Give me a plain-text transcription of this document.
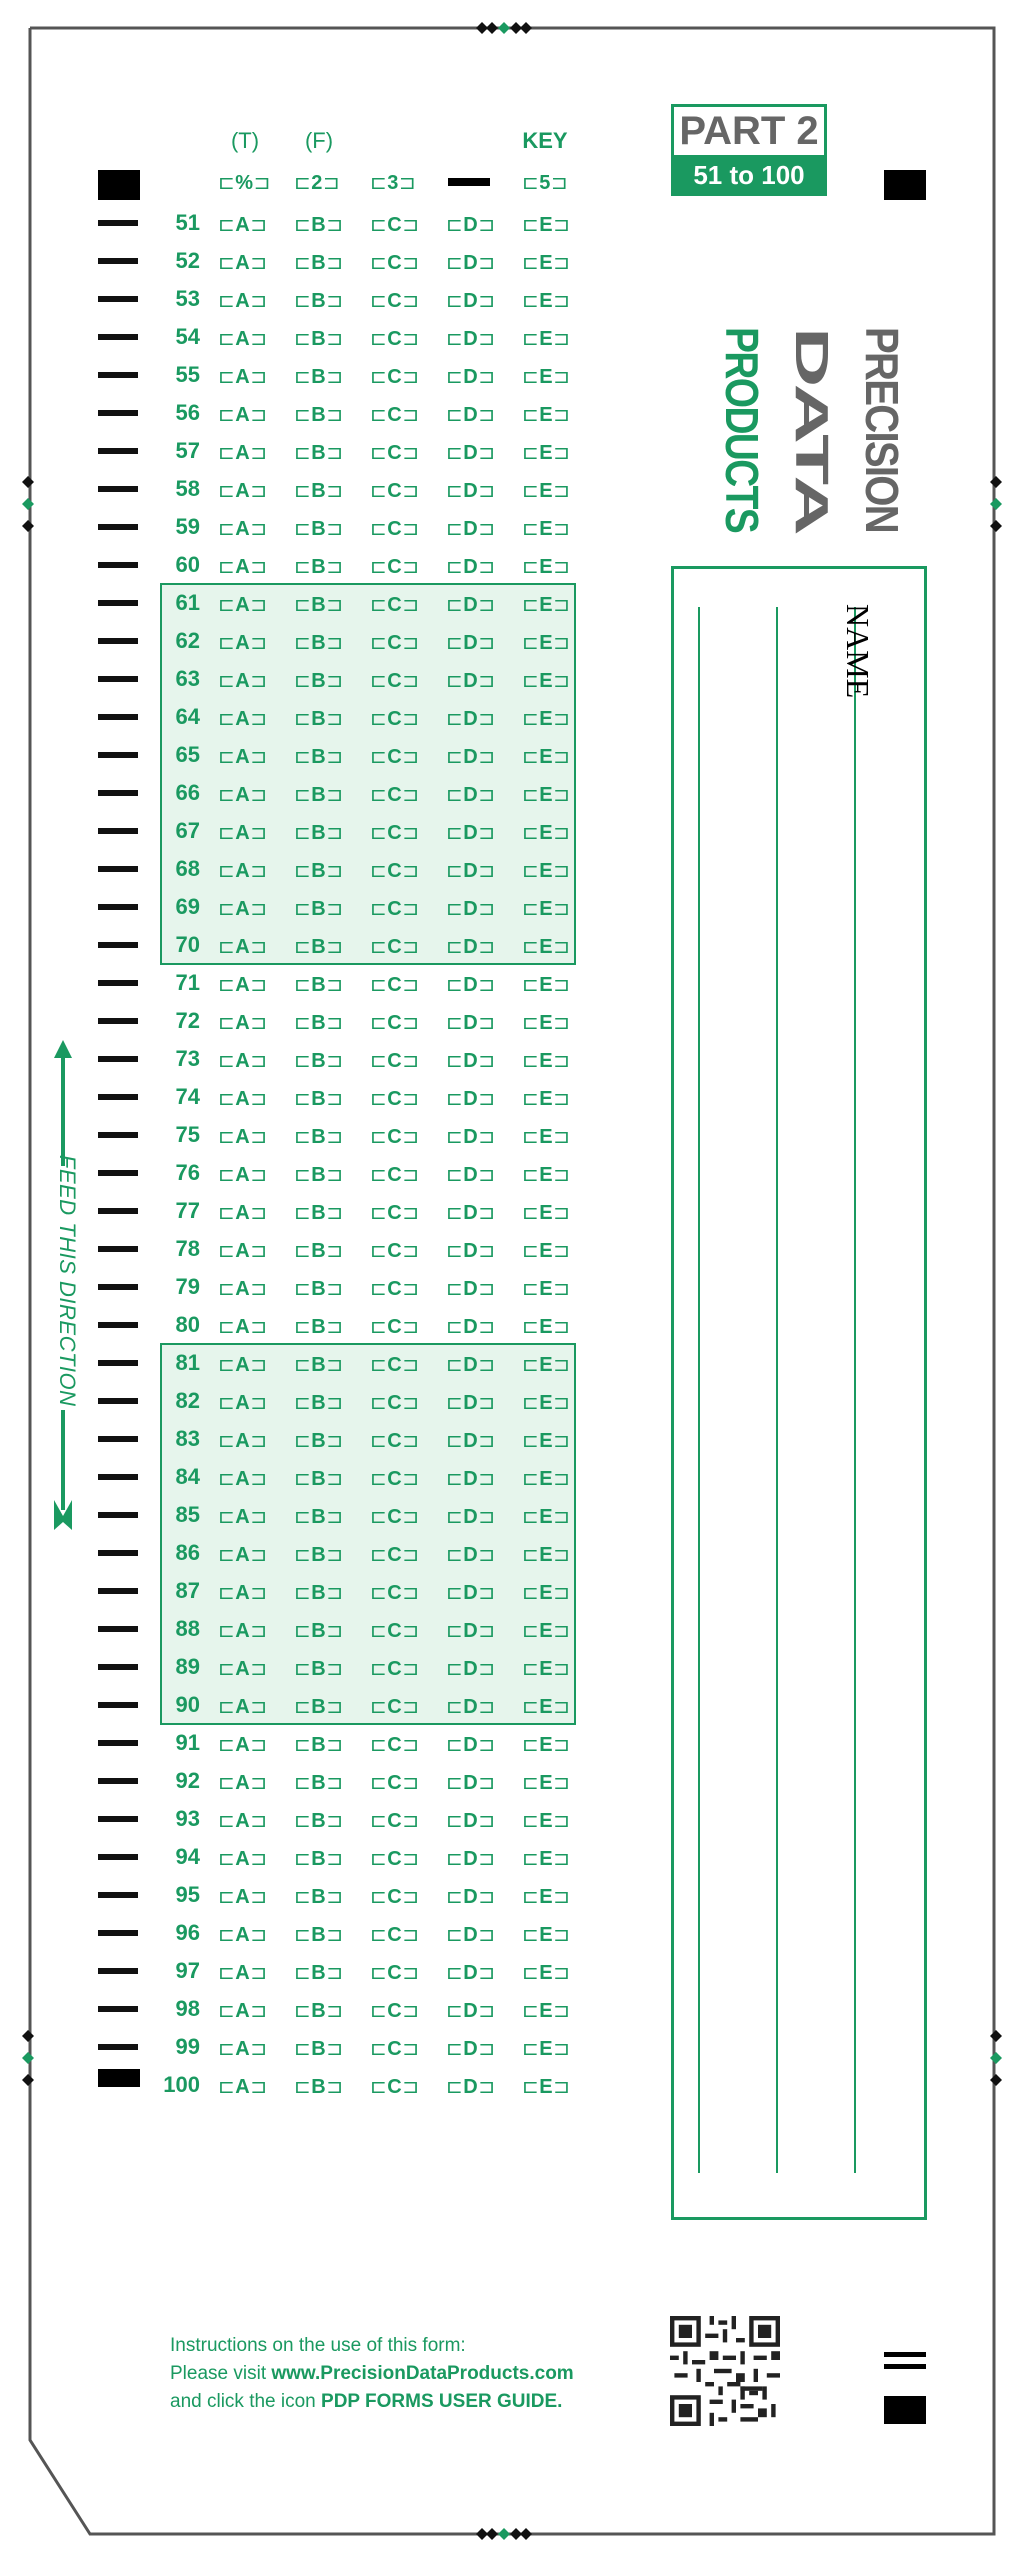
(T)	(F)	KEY
⊏%⊐ ⊏2⊐ ⊏3⊐	⊏5⊐
PART 2
51 to 100
PRECISION
DATA
PRODUCTS
NAME
FEED THIS DIRECTION
51 ⊏A⊐ ⊏B⊐ ⊏C⊐ ⊏D⊐ ⊏E⊐
52 ⊏A⊐ ⊏B⊐ ⊏C⊐ ⊏D⊐ ⊏E⊐
53 ⊏A⊐ ⊏B⊐ ⊏C⊐ ⊏D⊐ ⊏E⊐
54 ⊏A⊐ ⊏B⊐ ⊏C⊐ ⊏D⊐ ⊏E⊐
55 ⊏A⊐ ⊏B⊐ ⊏C⊐ ⊏D⊐ ⊏E⊐
56 ⊏A⊐ ⊏B⊐ ⊏C⊐ ⊏D⊐ ⊏E⊐
57 ⊏A⊐ ⊏B⊐ ⊏C⊐ ⊏D⊐ ⊏E⊐
58 ⊏A⊐ ⊏B⊐ ⊏C⊐ ⊏D⊐ ⊏E⊐
59 ⊏A⊐ ⊏B⊐ ⊏C⊐ ⊏D⊐ ⊏E⊐
60 ⊏A⊐ ⊏B⊐ ⊏C⊐ ⊏D⊐ ⊏E⊐
61 ⊏A⊐ ⊏B⊐ ⊏C⊐ ⊏D⊐ ⊏E⊐
62 ⊏A⊐ ⊏B⊐ ⊏C⊐ ⊏D⊐ ⊏E⊐
63 ⊏A⊐ ⊏B⊐ ⊏C⊐ ⊏D⊐ ⊏E⊐
64 ⊏A⊐ ⊏B⊐ ⊏C⊐ ⊏D⊐ ⊏E⊐
65 ⊏A⊐ ⊏B⊐ ⊏C⊐ ⊏D⊐ ⊏E⊐
66 ⊏A⊐ ⊏B⊐ ⊏C⊐ ⊏D⊐ ⊏E⊐
67 ⊏A⊐ ⊏B⊐ ⊏C⊐ ⊏D⊐ ⊏E⊐
68 ⊏A⊐ ⊏B⊐ ⊏C⊐ ⊏D⊐ ⊏E⊐
69 ⊏A⊐ ⊏B⊐ ⊏C⊐ ⊏D⊐ ⊏E⊐
70 ⊏A⊐ ⊏B⊐ ⊏C⊐ ⊏D⊐ ⊏E⊐
71 ⊏A⊐ ⊏B⊐ ⊏C⊐ ⊏D⊐ ⊏E⊐
72 ⊏A⊐ ⊏B⊐ ⊏C⊐ ⊏D⊐ ⊏E⊐
73 ⊏A⊐ ⊏B⊐ ⊏C⊐ ⊏D⊐ ⊏E⊐
74 ⊏A⊐ ⊏B⊐ ⊏C⊐ ⊏D⊐ ⊏E⊐
75 ⊏A⊐ ⊏B⊐ ⊏C⊐ ⊏D⊐ ⊏E⊐
76 ⊏A⊐ ⊏B⊐ ⊏C⊐ ⊏D⊐ ⊏E⊐
77 ⊏A⊐ ⊏B⊐ ⊏C⊐ ⊏D⊐ ⊏E⊐
78 ⊏A⊐ ⊏B⊐ ⊏C⊐ ⊏D⊐ ⊏E⊐
79 ⊏A⊐ ⊏B⊐ ⊏C⊐ ⊏D⊐ ⊏E⊐
80 ⊏A⊐ ⊏B⊐ ⊏C⊐ ⊏D⊐ ⊏E⊐
81 ⊏A⊐ ⊏B⊐ ⊏C⊐ ⊏D⊐ ⊏E⊐
82 ⊏A⊐ ⊏B⊐ ⊏C⊐ ⊏D⊐ ⊏E⊐
83 ⊏A⊐ ⊏B⊐ ⊏C⊐ ⊏D⊐ ⊏E⊐
84 ⊏A⊐ ⊏B⊐ ⊏C⊐ ⊏D⊐ ⊏E⊐
85 ⊏A⊐ ⊏B⊐ ⊏C⊐ ⊏D⊐ ⊏E⊐
86 ⊏A⊐ ⊏B⊐ ⊏C⊐ ⊏D⊐ ⊏E⊐
87 ⊏A⊐ ⊏B⊐ ⊏C⊐ ⊏D⊐ ⊏E⊐
88 ⊏A⊐ ⊏B⊐ ⊏C⊐ ⊏D⊐ ⊏E⊐
89 ⊏A⊐ ⊏B⊐ ⊏C⊐ ⊏D⊐ ⊏E⊐
90 ⊏A⊐ ⊏B⊐ ⊏C⊐ ⊏D⊐ ⊏E⊐
91 ⊏A⊐ ⊏B⊐ ⊏C⊐ ⊏D⊐ ⊏E⊐
92 ⊏A⊐ ⊏B⊐ ⊏C⊐ ⊏D⊐ ⊏E⊐
93 ⊏A⊐ ⊏B⊐ ⊏C⊐ ⊏D⊐ ⊏E⊐
94 ⊏A⊐ ⊏B⊐ ⊏C⊐ ⊏D⊐ ⊏E⊐
95 ⊏A⊐ ⊏B⊐ ⊏C⊐ ⊏D⊐ ⊏E⊐
96 ⊏A⊐ ⊏B⊐ ⊏C⊐ ⊏D⊐ ⊏E⊐
97 ⊏A⊐ ⊏B⊐ ⊏C⊐ ⊏D⊐ ⊏E⊐
98 ⊏A⊐ ⊏B⊐ ⊏C⊐ ⊏D⊐ ⊏E⊐
99 ⊏A⊐ ⊏B⊐ ⊏C⊐ ⊏D⊐ ⊏E⊐
100 ⊏A⊐ ⊏B⊐ ⊏C⊐ ⊏D⊐ ⊏E⊐
Instructions on the use of this form:
Please visit www.PrecisionDataProducts.com
and click the icon PDP FORMS USER GUIDE.
